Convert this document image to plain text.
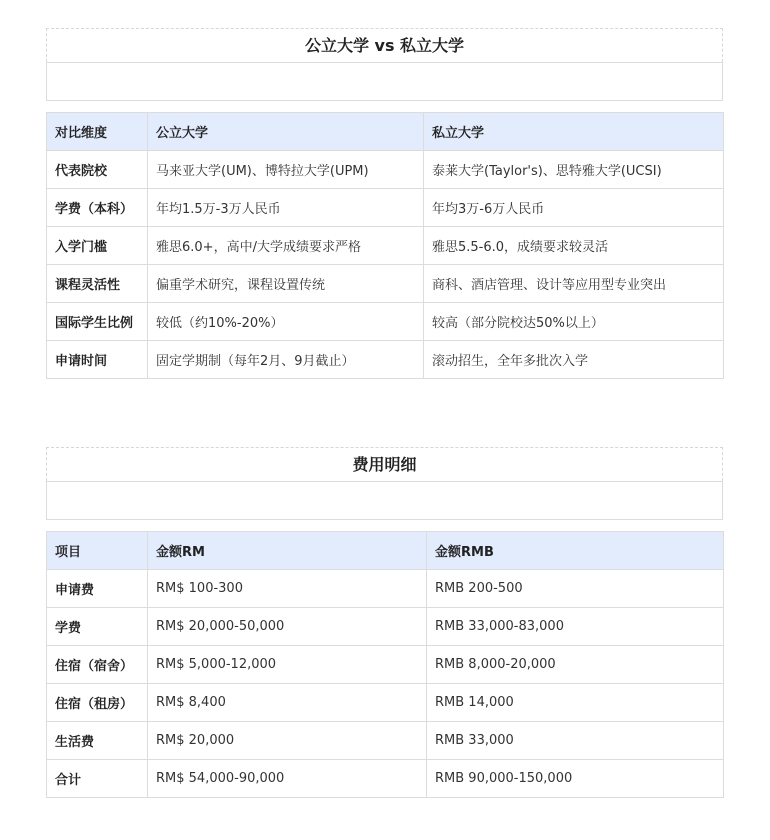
公立大学 vs 私立大学
对比维度	公立大学	私立大学
代表院校	马来亚大学(UM)、博特拉大学(UPM)	泰莱大学(Taylor's)、思特雅大学(UCSI)
学费（本科）	年均1.5万-3万人民币	年均3万-6万人民币
入学门槛	雅思6.0+，高中/大学成绩要求严格	雅思5.5-6.0，成绩要求较灵活
课程灵活性	偏重学术研究，课程设置传统	商科、酒店管理、设计等应用型专业突出
国际学生比例	较低（约10%-20%）	较高（部分院校达50%以上）
申请时间	固定学期制（每年2月、9月截止）	滚动招生，全年多批次入学
费用明细
项目	金额RM	金额RMB
申请费	RM$ 100-300	RMB 200-500
学费	RM$ 20,000-50,000	RMB 33,000-83,000
住宿（宿舍）	RM$ 5,000-12,000	RMB 8,000-20,000
住宿（租房）	RM$ 8,400	RMB 14,000
生活费	RM$ 20,000	RMB 33,000
合计	RM$ 54,000-90,000	RMB 90,000-150,000
